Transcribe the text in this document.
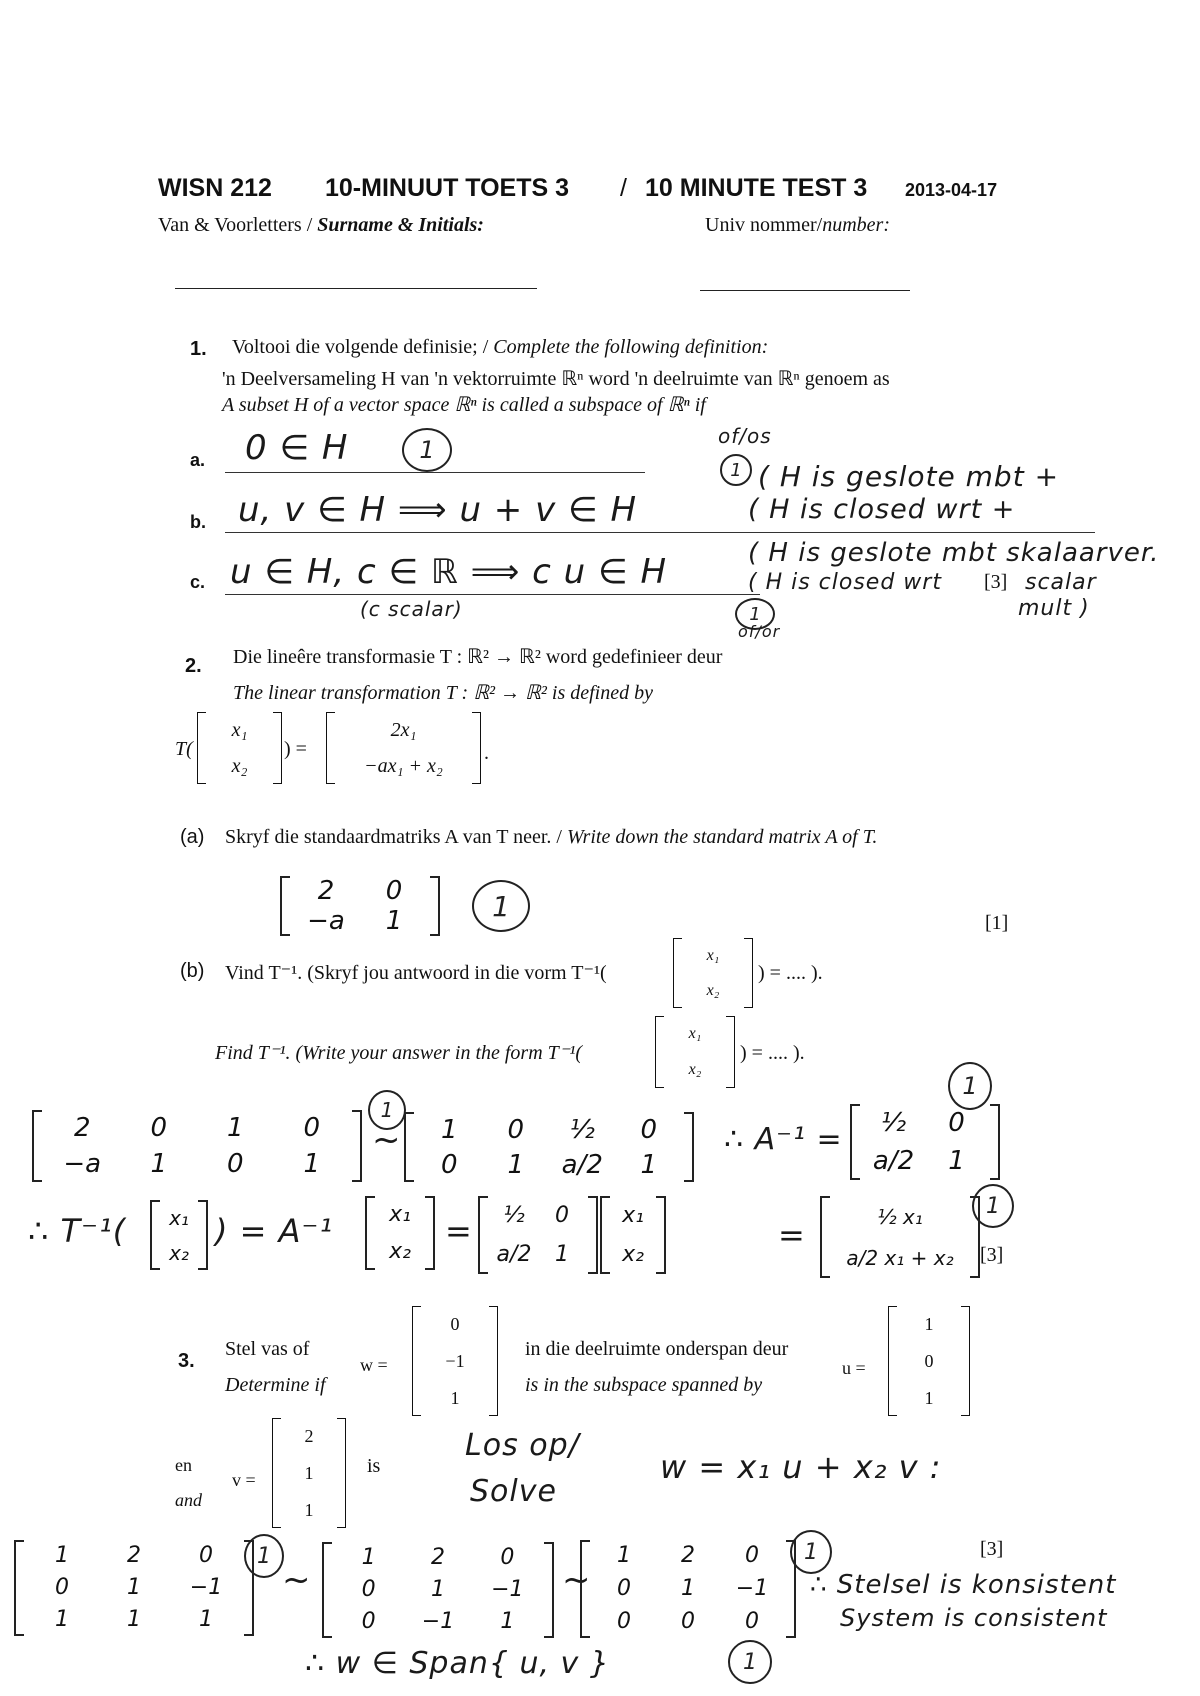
WISN 212 10-MINUUT TOETS 3 / 10 MINUTE TEST 3 2013-04-17
Van & Voorletters / Surname & Initials:	Univ nommer/number:
1. Voltooi die volgende definisie; / Complete the following definition:
'n Deelversameling H van 'n vektorruimte ℝⁿ word 'n deelruimte van ℝⁿ genoem as
A subset H of a vector space ℝⁿ is called a subspace of ℝⁿ if
a.
b.
c.
0 ∈ H	1
u, v ∈ H ⟹ u + v ∈ H
u ∈ H, c ∈ ℝ ⟹ c u ∈ H
(c scalar)
of/os
1 ( H is geslote mbt +
( H is closed wrt +
( H is geslote mbt skalaarver.
( H is closed wrt [3] scalar
mult )
1
of/or
2. Die lineêre transformasie T : ℝ² → ℝ² word gedefinieer deur
The linear transformation T : ℝ² → ℝ² is defined by
T(
x₁
x₂
) =
2x₁
−ax₁ + x₂
.
(a) Skryf die standaardmatriks A van T neer. / Write down the standard matrix A of T.
2 0
−a 1	1
[1]
(b) Vind T⁻¹. (Skryf jou antwoord in die vorm T⁻¹(
x₁
x₂
) = .... ).
Find T⁻¹. (Write your answer in the form T⁻¹(
x₁
x₂
) = .... ).
2 0 1 0
−a 1 0 1
1
~ 1 0 ½ 0
0 1 a/2 1
∴ A⁻¹ =
1
½ 0
a/2 1
∴ T⁻¹( x₁
x₂
) = A⁻¹	x₁
x₂
= ½ 0
a/2 1
x₁
x₂	=	½ x₁
a/2 x₁ + x₂
1
[3]
3.
Stel vas of
Determine if
w =
0
−1
1
in die deelruimte onderspan deur
is in the subspace spanned by
u =
1
0
1
en
and
v =
2
1
1
is
Los op/
Solve
w = x₁ u + x₂ v :
1	2	0
0	1 −1
1	1	1
1
~
1	2	0
0	1 −1
0 −1 1
~
1 2 0
0 1 −1
0 0 0
1	[3]
∴ Stelsel is konsistent
System is consistent
∴ w ∈ Span{ u, v }	1
